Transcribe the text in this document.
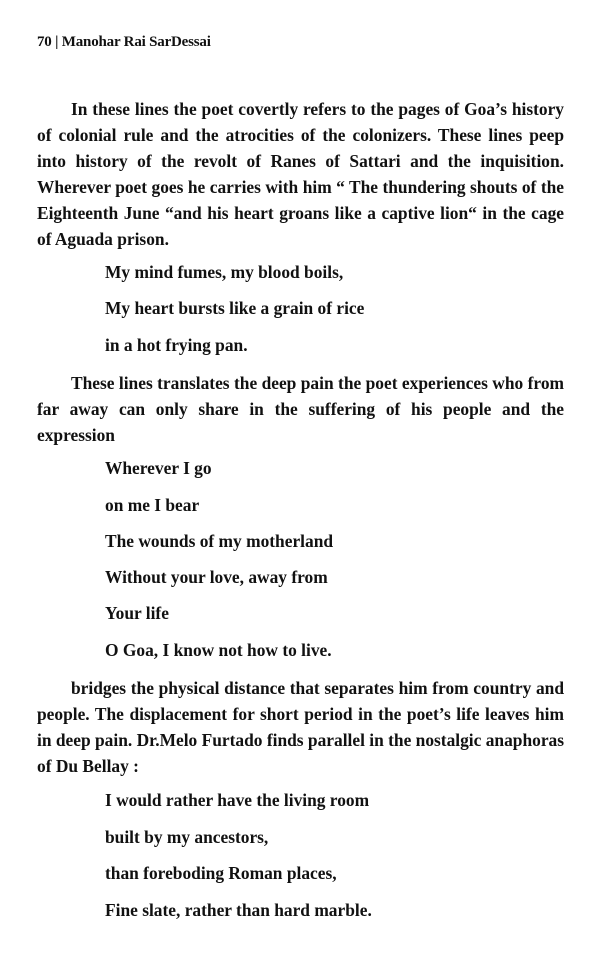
70 | Manohar Rai SarDessai

In these lines the poet covertly refers to the pages of Goa’s history of colonial rule and the atrocities of the colonizers. These lines peep into history of the revolt of Ranes of Sattari and the inquisition. Wherever poet goes he carries with him “ The thundering shouts of the Eighteenth June “and his heart groans like a captive lion“ in the cage of Aguada prison.

My mind fumes, my blood boils,

My heart bursts like a grain of rice

in a hot frying pan.

These lines translates the deep pain the poet experiences who from far away can only share in the suffering of his people and the expression

Wherever I go

on me I bear

The wounds of my motherland

Without your love, away from

Your life

O Goa, I know not how to live.

bridges the physical distance that separates him from country and people. The displacement for short period in the poet’s life leaves him in deep pain. Dr.Melo Furtado finds parallel in the nostalgic anaphoras of Du Bellay :

I would rather have the living room

built by my ancestors,

than foreboding Roman places,

Fine slate, rather than hard marble.
